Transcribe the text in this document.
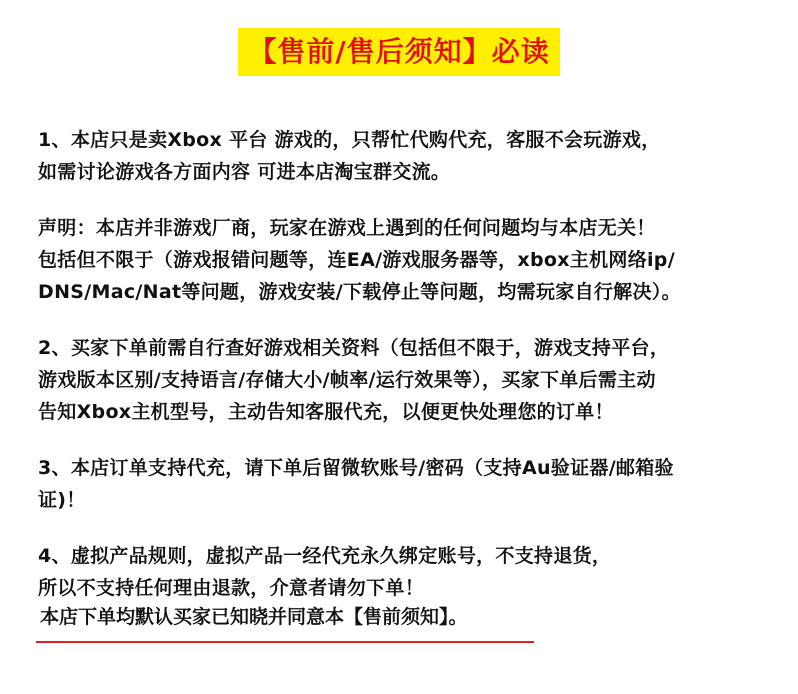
【售前/售后须知】必读
1、本店只是卖Xbox 平台 游戏的，只帮忙代购代充，客服不会玩游戏，
如需讨论游戏各方面内容 可进本店淘宝群交流。
声明：本店并非游戏厂商，玩家在游戏上遇到的任何问题均与本店无关！
包括但不限于（游戏报错问题等，连EA/游戏服务器等，xbox主机网络ip/
DNS/Mac/Nat等问题，游戏安装/下载停止等问题，均需玩家自行解决）。
2、买家下单前需自行查好游戏相关资料（包括但不限于，游戏支持平台，
游戏版本区别/支持语言/存储大小/帧率/运行效果等），买家下单后需主动
告知Xbox主机型号，主动告知客服代充，以便更快处理您的订单！
3、本店订单支持代充，请下单后留微软账号/密码（支持Au验证器/邮箱验
证)！
4、虚拟产品规则，虚拟产品一经代充永久绑定账号，不支持退货，
所以不支持任何理由退款，介意者请勿下单！
本店下单均默认买家已知晓并同意本【售前须知】。
